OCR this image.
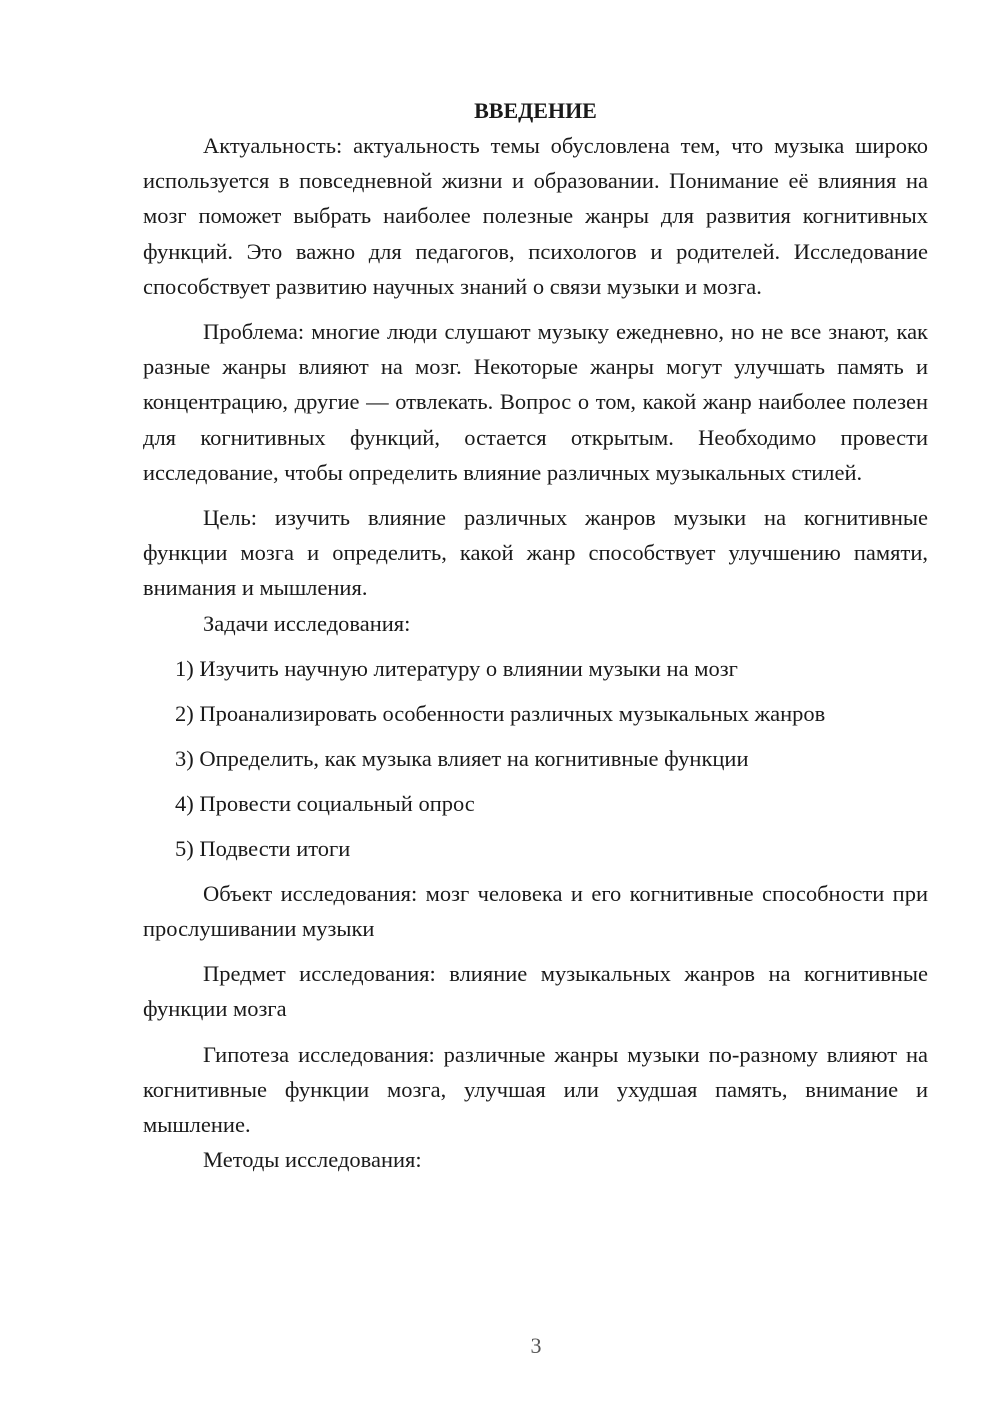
ВВЕДЕНИЕ

Актуальность: актуальность темы обусловлена тем, что музыка широко используется в повседневной жизни и образовании. Понимание её влияния на мозг поможет выбрать наиболее полезные жанры для развития когнитивных функций. Это важно для педагогов, психологов и родителей. Исследование способствует развитию научных знаний о связи музыки и мозга.

Проблема: многие люди слушают музыку ежедневно, но не все знают, как разные жанры влияют на мозг. Некоторые жанры могут улучшать память и концентрацию, другие — отвлекать. Вопрос о том, какой жанр наиболее полезен для когнитивных функций, остается открытым. Необходимо провести исследование, чтобы определить влияние различных музыкальных стилей.

Цель: изучить влияние различных жанров музыки на когнитивные функции мозга и определить, какой жанр способствует улучшению памяти, внимания и мышления.

Задачи исследования:

1) Изучить научную литературу о влиянии музыки на мозг
2) Проанализировать особенности различных музыкальных жанров
3) Определить, как музыка влияет на когнитивные функции
4) Провести социальный опрос
5) Подвести итоги

Объект исследования: мозг человека и его когнитивные способности при прослушивании музыки

Предмет исследования: влияние музыкальных жанров на когнитивные функции мозга

Гипотеза исследования: различные жанры музыки по-разному влияют на когнитивные функции мозга, улучшая или ухудшая память, внимание и мышление.

Методы исследования:

3
